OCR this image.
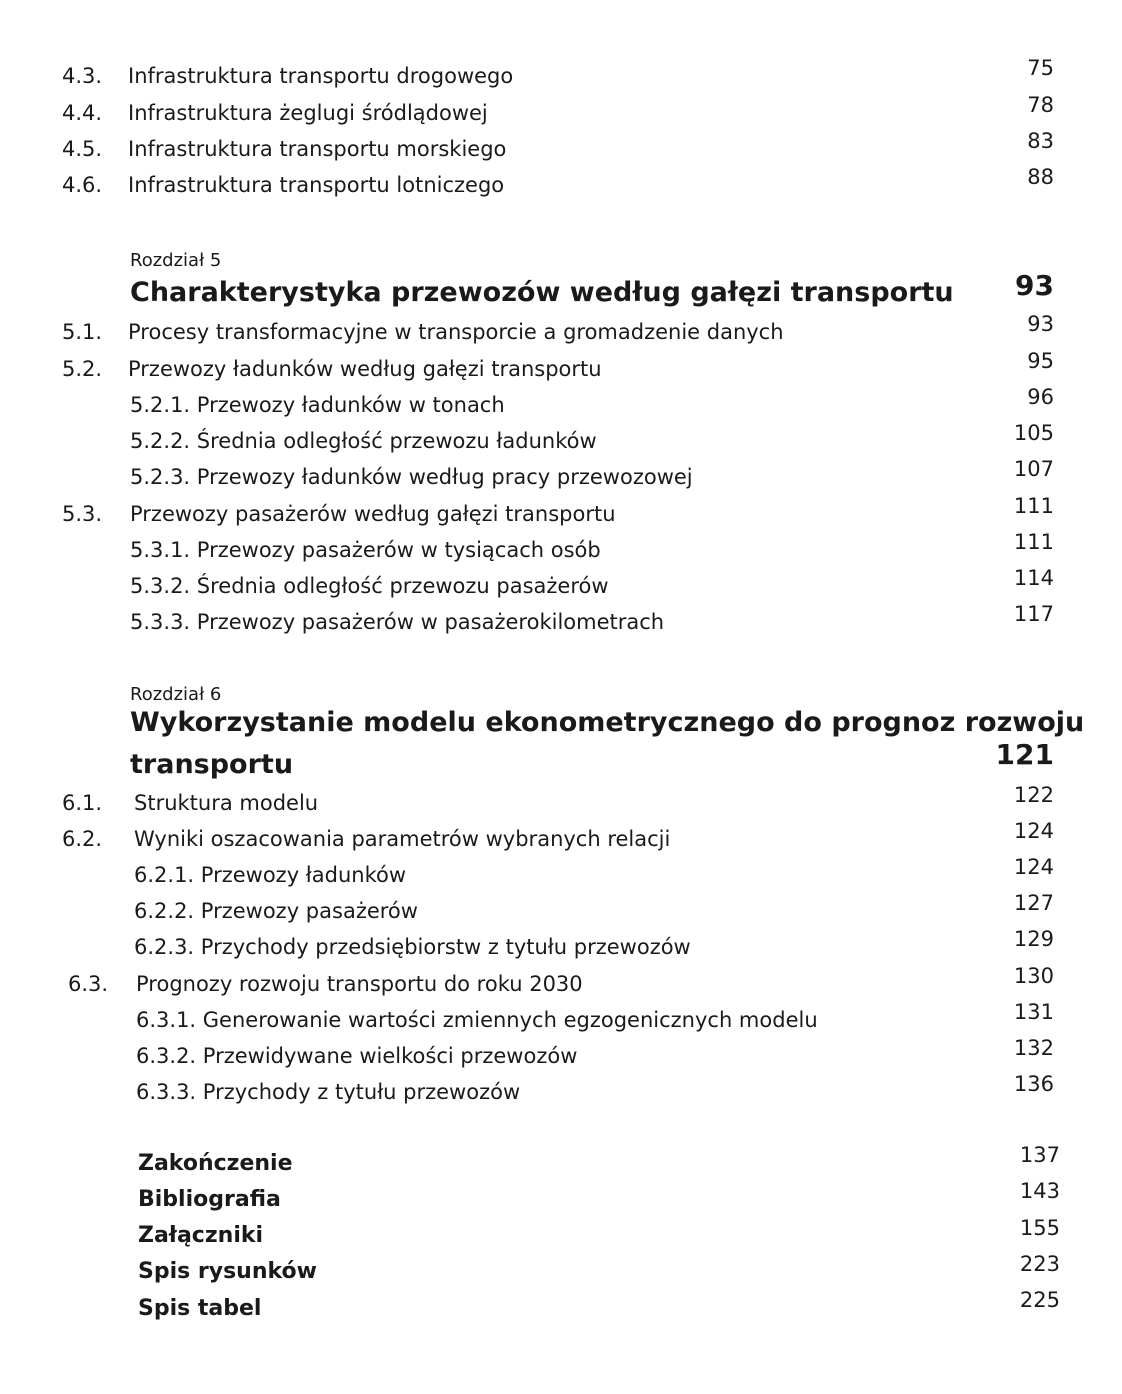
4.3. Infrastruktura transportu drogowego	75
4.4. Infrastruktura żeglugi śródlądowej	78
4.5. Infrastruktura transportu morskiego	83
4.6. Infrastruktura transportu lotniczego	88
Rozdział 5
Charakterystyka przewozów według gałęzi transportu 93
5.1. Procesy transformacyjne w transporcie a gromadzenie danych	93
5.2. Przewozy ładunków według gałęzi transportu	95
5.2.1. Przewozy ładunków w tonach	96
5.2.2. Średnia odległość przewozu ładunków	105
5.2.3. Przewozy ładunków według pracy przewozowej	107
5.3. Przewozy pasażerów według gałęzi transportu	111
5.3.1. Przewozy pasażerów w tysiącach osób	111
5.3.2. Średnia odległość przewozu pasażerów	114
5.3.3. Przewozy pasażerów w pasażerokilometrach	117
Rozdział 6
Wykorzystanie modelu ekonometrycznego do prognoz rozwoju
transportu	121
6.1. Struktura modelu	122
6.2. Wyniki oszacowania parametrów wybranych relacji	124
6.2.1. Przewozy ładunków	124
6.2.2. Przewozy pasażerów	127
6.2.3. Przychody przedsiębiorstw z tytułu przewozów	129
6.3. Prognozy rozwoju transportu do roku 2030	130
6.3.1. Generowanie wartości zmiennych egzogenicznych modelu	131
6.3.2. Przewidywane wielkości przewozów	132
6.3.3. Przychody z tytułu przewozów	136
Zakończenie	137
Bibliografia	143
Załączniki	155
Spis rysunków	223
Spis tabel	225
